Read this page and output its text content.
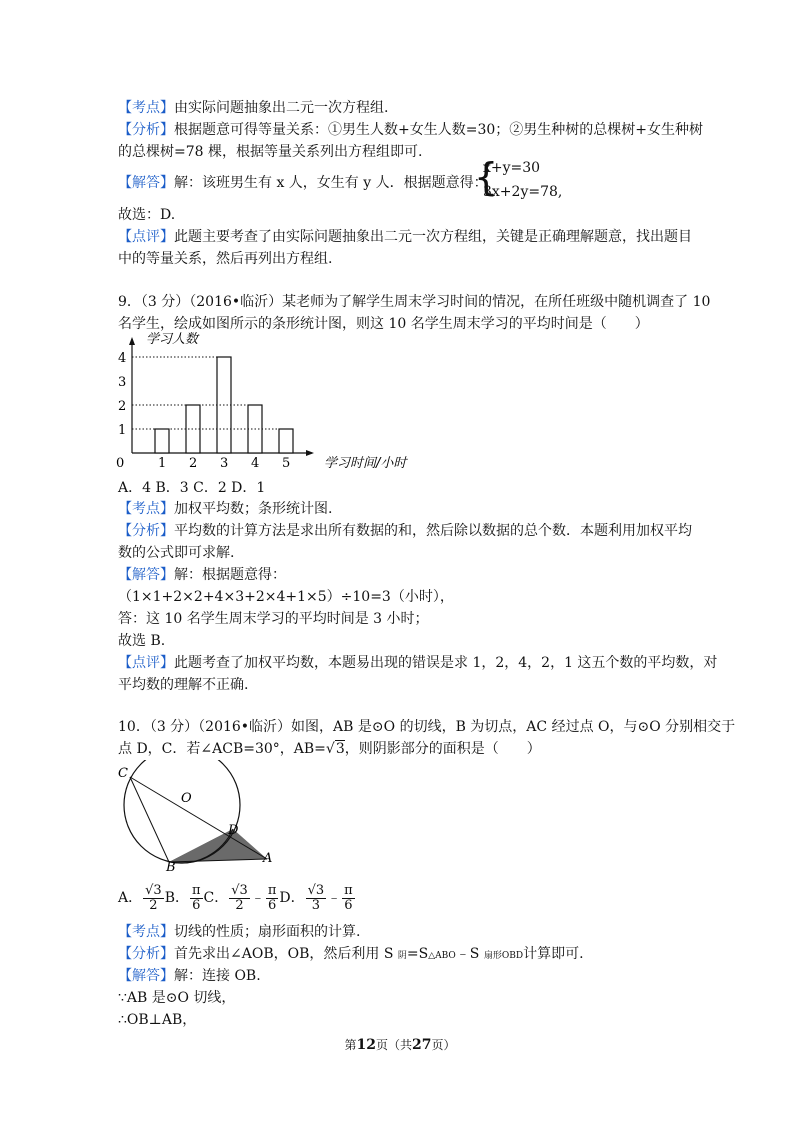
【考点】由实际问题抽象出二元一次方程组.
【分析】根据题意可得等量关系：①男生人数+女生人数=30；②男生种树的总棵树+女生种树
的总棵树=78 棵，根据等量关系列出方程组即可.
【解答】解：该班男生有 x 人，女生有 y 人．根据题意得：
{
x+y=30
3x+2y=78,
故选：D.
【点评】此题主要考查了由实际问题抽象出二元一次方程组，关键是正确理解题意，找出题目
中的等量关系，然后再列出方程组.
9．（3 分）（2016•临沂）某老师为了解学生周末学习时间的情况，在所任班级中随机调查了 10
名学生，绘成如图所示的条形统计图，则这 10 名学生周末学习的平均时间是（　　）
学习人数
学习时间/小时
0
1
2
3
4
1 2 3 4 5
A．4 B．3 C．2 D．1
【考点】加权平均数；条形统计图.
【分析】平均数的计算方法是求出所有数据的和，然后除以数据的总个数．本题利用加权平均
数的公式即可求解.
【解答】解：根据题意得：
（1×1+2×2+4×3+2×4+1×5）÷10=3（小时），
答：这 10 名学生周末学习的平均时间是 3 小时；
故选 B.
【点评】此题考查了加权平均数，本题易出现的错误是求 1，2，4，2，1 这五个数的平均数，对
平均数的理解不正确.
10．（3 分）（2016•临沂）如图，AB 是⊙O 的切线，B 为切点，AC 经过点 O，与⊙O 分别相交于
点 D，C．若∠ACB=30°，AB=√3，则阴影部分的面积是（　　）
C
O
D
B
A
A． $\frac{√3}{2}$ B． $\frac{\pi}{6}$ C． $\frac{√3}{2}$ ﹣ $\frac{\pi}{6}$ D． $\frac{√3}{3}$ ﹣ $\frac{\pi}{6}$
【考点】切线的性质；扇形面积的计算.
【分析】首先求出∠AOB，OB，然后利用 S 阴=S△ABO﹣S 扇形OBD计算即可.
【解答】解：连接 OB.
∵AB 是⊙O 切线，
∴OB⊥AB，
第12页（共27页）
